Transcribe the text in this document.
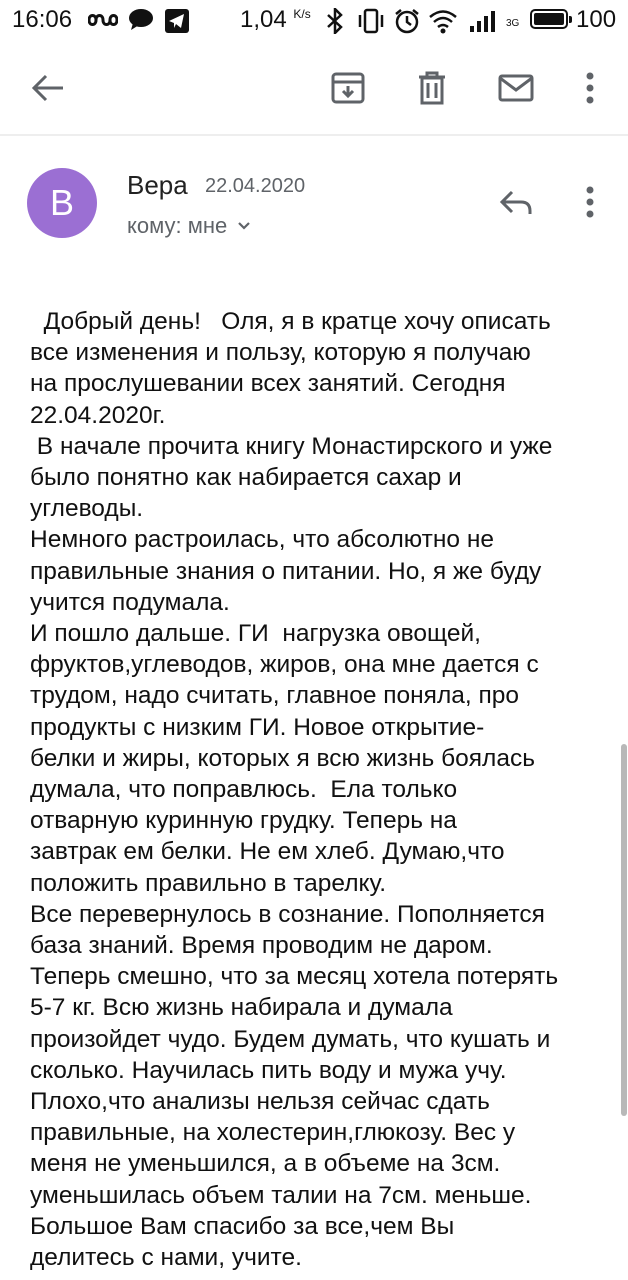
16:06	1,04 $^{K/s}$
3G 100
В Вера 22.04.2020
кому: мне
Добрый день!   Оля, я в кратце хочу описать
все изменения и пользу, которую я получаю
на прослушевании всех занятий. Сегодня
22.04.2020г.
В начале прочита книгу Монастирского и уже
было понятно как набирается сахар и
углеводы.
Немного растроилась, что абсолютно не
правильные знания о питании. Но, я же буду
учится подумала.
И пошло дальше. ГИ  нагрузка овощей,
фруктов,углеводов, жиров, она мне дается с
трудом, надо считать, главное поняла, про
продукты с низким ГИ. Новое открытие-
белки и жиры, которых я всю жизнь боялась
думала, что поправлюсь.  Ела только
отварную куринную грудку. Теперь на
завтрак ем белки. Не ем хлеб. Думаю,что
положить правильно в тарелку.
Все перевернулось в сознание. Пополняется
база знаний. Время проводим не даром.
Теперь смешно, что за месяц хотела потерять
5-7 кг. Всю жизнь набирала и думала
произойдет чудо. Будем думать, что кушать и
сколько. Научилась пить воду и мужа учу.
Плохо,что анализы нельзя сейчас сдать
правильные, на холестерин,глюкозу. Вес у
меня не уменьшился, а в объеме на 3см.
уменьшилась объем талии на 7см. меньше.
Большое Вам спасибо за все,чем Вы
делитесь с нами, учите.
